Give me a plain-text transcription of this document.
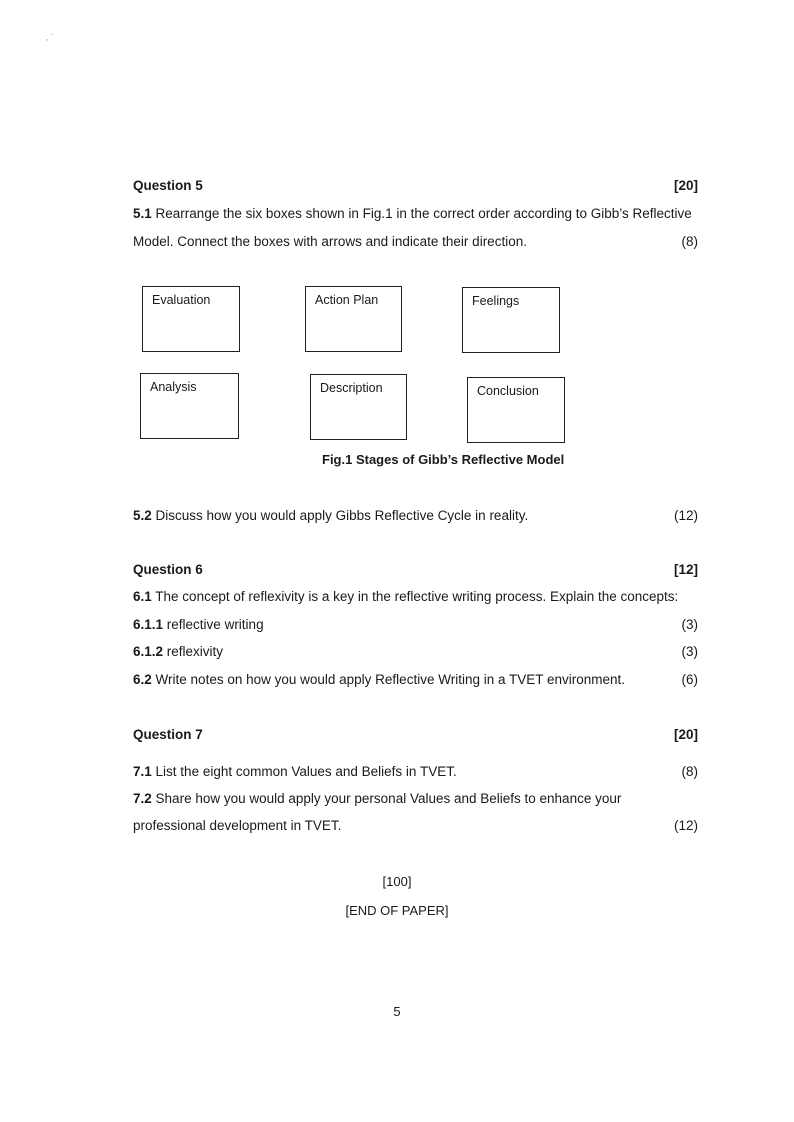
, `
Question 5	[20]
5.1 Rearrange the six boxes shown in Fig.1 in the correct order according to Gibb’s Reflective
Model. Connect the boxes with arrows and indicate their direction.	(8)
Evaluation	Action Plan	Feelings
Analysis	Description	Conclusion
Fig.1 Stages of Gibb’s Reflective Model
5.2 Discuss how you would apply Gibbs Reflective Cycle in reality.	(12)
Question 6	[12]
6.1 The concept of reflexivity is a key in the reflective writing process. Explain the concepts:
6.1.1 reflective writing	(3)
6.1.2 reflexivity	(3)
6.2 Write notes on how you would apply Reflective Writing in a TVET environment.	(6)
Question 7	[20]
7.1 List the eight common Values and Beliefs in TVET.	(8)
7.2 Share how you would apply your personal Values and Beliefs to enhance your
professional development in TVET.	(12)
[100]
[END OF PAPER]
5
